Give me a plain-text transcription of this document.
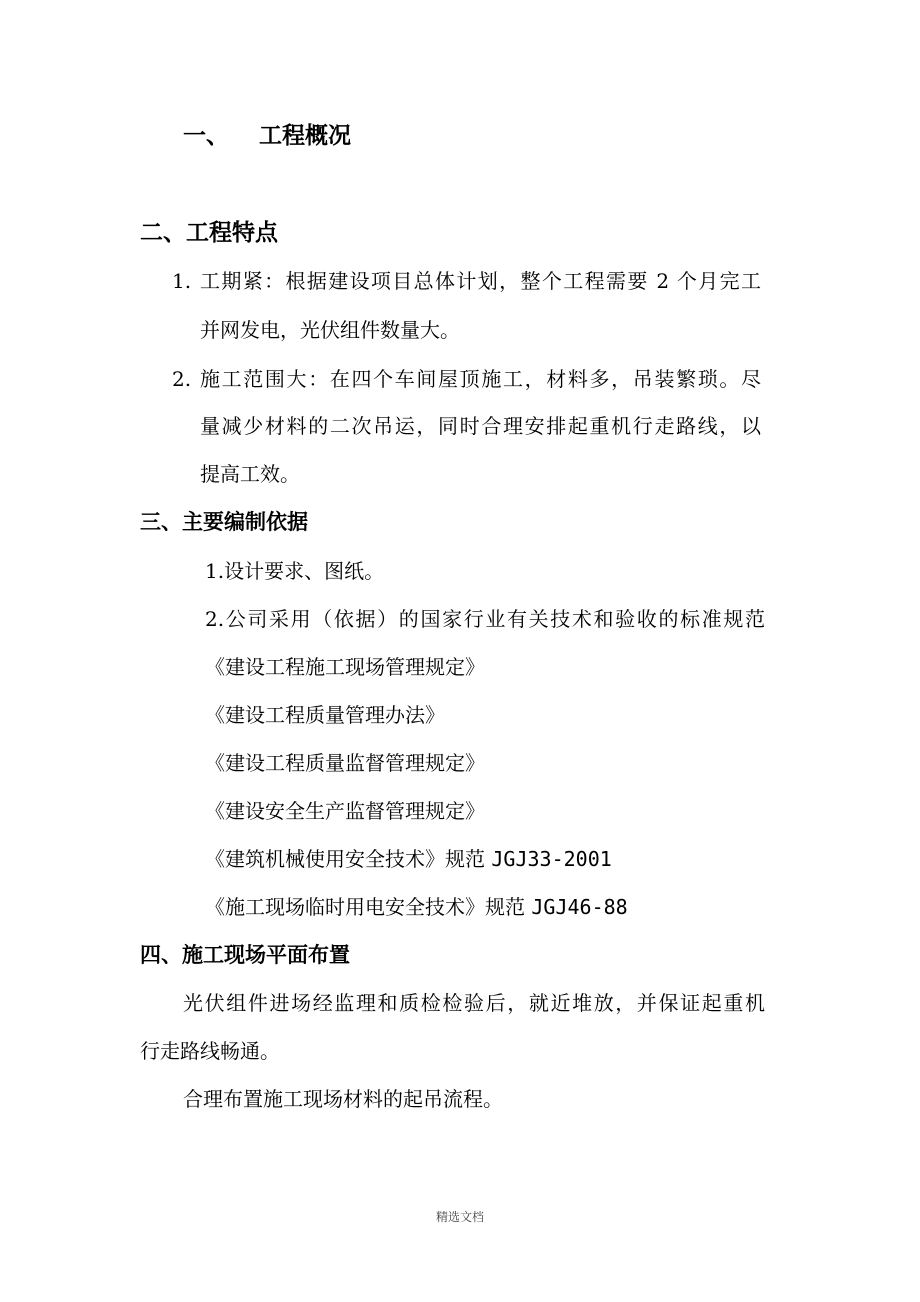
一、 工程概况
二、工程特点
1. 工期紧：根据建设项目总体计划，整个工程需要 2 个月完工
并网发电，光伏组件数量大。
2. 施工范围大：在四个车间屋顶施工，材料多，吊装繁琐。尽
量减少材料的二次吊运，同时合理安排起重机行走路线，以
提高工效。
三、主要编制依据
1.设计要求、图纸。
2.公司采用（依据）的国家行业有关技术和验收的标准规范
《建设工程施工现场管理规定》
《建设工程质量管理办法》
《建设工程质量监督管理规定》
《建设安全生产监督管理规定》
《建筑机械使用安全技术》规范 JGJ33-2001
《施工现场临时用电安全技术》规范 JGJ46-88
四、施工现场平面布置
光伏组件进场经监理和质检检验后，就近堆放，并保证起重机
行走路线畅通。
合理布置施工现场材料的起吊流程。
精选文档
